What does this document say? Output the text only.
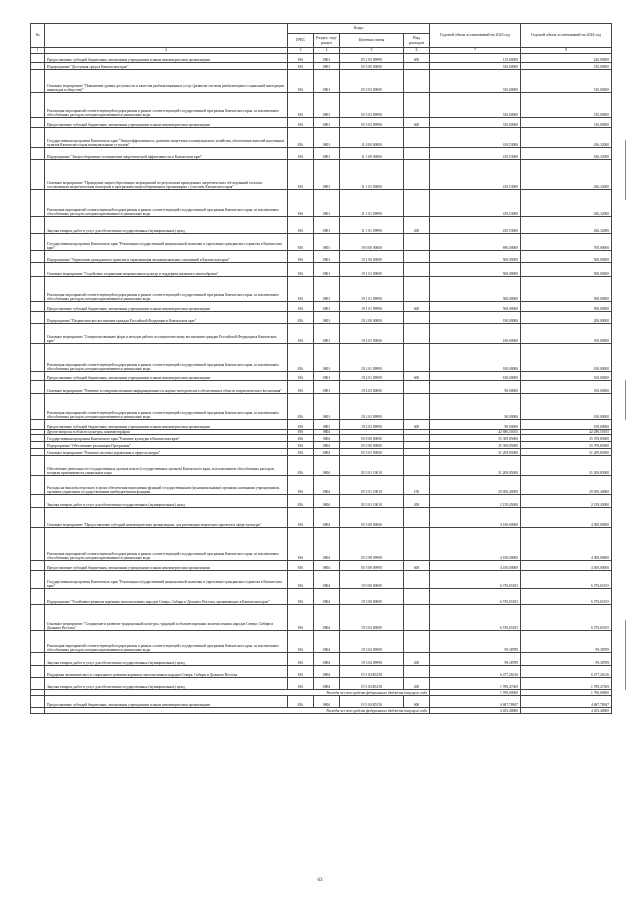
№		Коды				Годовой объем ассигнований на 2023 год	Годовой объем ассигнований на 2024 год
		ГРБС	Раздел, под-раздел	Целевая статья	Вид расходов		
1	2	3	4	5	6	7	8
	Предоставление субсидий бюджетным, автономным учреждениям и иным некоммерческим организациям	816	0801	05 1 05 09990	600	115,00000	220,00000
	Подпрограмма "Доступная среда в Камчатском крае"	816	0801	05 3 00 00000		310,00000	310,00000
	Основное мероприятие "Повышение уровня доступности и качества реабилитационных услуг (развитие системы реабилитации и социальной интеграции инвалидов в обществе)"	816	0801	05 3 03 00000		310,00000	310,00000
	Реализация мероприятий соответствующей подпрограммы в рамках соответствующей государственной программы Камчатского края, за исключением обособленных расходов, которым присваиваются уникальные коды	816	0801	05 3 03 09990		310,00000	310,00000
	Предоставление субсидий бюджетным, автономным учреждениям и иным некоммерческим организациям	816	0801	05 3 03 09990	600	310,00000	310,00000
	Государственная программа Камчатского края "Энергоэффективность, развитие энергетики и коммунального хозяйства, обеспечение жителей населенных пунктов Камчатского края коммунальными услугами"	816	0801	11 0 00 00000		419,53000	436,32000
	Подпрограмма "Энергосбережение и повышение энергетической эффективности в Камчатском крае"	816	0801	11 1 00 00000		419,53000	436,32000
	Основное мероприятие "Проведение энергосберегающих мероприятий по результатам проведенных энергетических обследований согласно составленным энергетическим паспортам и программам энергосбережения в организациях с участием Камчатского края"	816	0801	11 1 01 00000		419,53000	436,32000
	Реализация мероприятий соответствующей подпрограммы в рамках соответствующей государственной программы Камчатского края, за исключением обособленных расходов, которым присваиваются уникальные коды	816	0801	11 1 01 09990		419,53000	436,32000
	Закупка товаров, работ и услуг для обеспечения государственных (муниципальных) нужд	816	0801	11 1 01 09990	200	419,53000	436,32000
	Государственная программа Камчатского края "Реализация государственной национальной политики и укрепление гражданского единства в Камчатском крае"	816	0801	19 0 00 00000		690,00000	700,00000
	Подпрограмма "Укрепление гражданского единства и гармонизация межнациональных отношений в Камчатском крае"	816	0801	19 1 00 00000		500,00000	500,00000
	Основное мероприятие "Содействие сохранению национальных культур и поддержка языкового многообразия"	816	0801	19 1 01 00000		500,00000	500,00000
	Реализация мероприятий соответствующей подпрограммы в рамках соответствующей государственной программы Камчатского края, за исключением обособленных расходов, которым присваиваются уникальные коды	816	0801	19 1 01 09990		500,00000	500,00000
	Предоставление субсидий бюджетным, автономным учреждениям и иным некоммерческим организациям	816	0801	19 1 01 09990	600	500,00000	500,00000
	Подпрограмма "Патриотическое воспитание граждан Российской Федерации в Камчатском крае"	816	0801	19 2 00 00000		190,00000	200,00000
	Основное мероприятие "Совершенствование форм и методов работы по патриотическому воспитанию граждан Российской Федерации в Камчатском крае"	816	0801	19 2 01 00000		100,00000	100,00000
	Реализация мероприятий соответствующей подпрограммы в рамках соответствующей государственной программы Камчатского края, за исключением обособленных расходов, которым присваиваются уникальные коды	816	0801	19 2 01 09990		100,00000	100,00000
	Предоставление субсидий бюджетным, автономным учреждениям и иным некоммерческим организациям	816	0801	19 2 01 09990	600	100,00000	100,00000
	Основное мероприятие "Развитие и совершенствование информационного и научно-методического обеспечения в области патриотического воспитания"	816	0801	19 2 02 00000		90,00000	100,00000
	Реализация мероприятий соответствующей подпрограммы в рамках соответствующей государственной программы Камчатского края, за исключением обособленных расходов, которым присваиваются уникальные коды	816	0801	19 2 02 09990		90,00000	100,00000
	Предоставление субсидий бюджетным, автономным учреждениям и иным некоммерческим организациям	816	0801	19 2 02 09990	600	90,00000	100,00000
	Другие вопросы в области культуры, кинематографии	816	0804			42 686,50105	42 286,50105
	Государственная программа Камчатского края "Развитие культуры в Камчатском крае"	816	0804	05 0 00 00000		35 309,85000	35 709,85000
	Подпрограмма "Обеспечение реализации Программы"	816	0804	05 5 00 00000		35 309,85000	35 709,85000
	Основное мероприятие "Развитие системы управления в сфере культуры"	816	0804	05 5 01 00000		31 209,85000	31 209,85000
	Обеспечение деятельности государственных органов власти (государственных органов) Камчатского края, за исключением обособленных расходов, которым присваиваются уникальные коды	816	0804	05 5 01 10010		31 209,85000	31 209,85000
	Расходы на выплаты персоналу в целях обеспечения выполнения функций государственными (муниципальными) органами, казенными учреждениями, органами управления государственными внебюджетными фондами	816	0804	05 5 01 10010	100	29 050,40000	29 050,40000
	Закупка товаров, работ и услуг для обеспечения государственных (муниципальных) нужд	816	0804	05 5 01 10010	200	2 159,45000	2 159,45000
	Основное мероприятие "Предоставление субсидий некоммерческим организациям, для реализации творческих проектов в сфере культуры"	816	0804	05 5 08 00000		4 100,00000	4 500,00000
	Реализация мероприятий соответствующей подпрограммы в рамках соответствующей государственной программы Камчатского края, за исключением обособленных расходов, которым присваиваются уникальные коды	816	0804	05 5 08 09990		4 100,00000	4 500,00000
	Предоставление субсидий бюджетным, автономным учреждениям и иным некоммерческим организациям	816	0804	05 5 08 09990	600	4 100,00000	4 500,00000
	Государственная программа Камчатского края "Реализация государственной национальной политики и укрепление гражданского единства в Камчатском крае"	816	0804	19 0 00 00000		6 376,65105	6 576,65105
	Подпрограмма "Устойчивое развитие коренных малочисленных народов Севера, Сибири и Дальнего Востока, проживающих в Камчатском крае"	816	0804	19 3 00 00000		6 576,65105	6 576,65105
	Основное мероприятие "Сохранение и развитие традиционной культуры, традиций и обычаев коренных малочисленных народов Севера, Сибири и Дальнего Востока"	816	0804	19 3 04 00000		6 576,65105	6 576,65105
	Реализация мероприятий соответствующей подпрограммы в рамках соответствующей государственной программы Камчатского края, за исключением обособленных расходов, которым присваиваются уникальные коды	816	0804	19 3 04 09990		99,38789	99,38789
	Закупка товаров, работ и услуг для обеспечения государственных (муниципальных) нужд	816	0804	19 3 04 09990	200	99,38789	99,38789
	Поддержка экономического и социального развития коренных малочисленных народов Севера, Сибири и Дальнего Востока	816	0804	19 3 04 R5150		6 477,26316	6 477,26316
	Закупка товаров, работ и услуг для обеспечения государственных (муниципальных) нужд	816	0804	19 3 04 R5150	200	1 789,47369	1 789,47369
	Расходы за счет средств федерального бюджета текущего года					1 700,00000	1 700,00000
	Предоставление субсидий бюджетным, автономным учреждениям и иным некоммерческим организациям	816	0804	19 3 04 R5150	600	4 687,78947	4 687,78947
	Расходы за счет средств федерального бюджета текущего года					4 453,40000	4 453,40000
63
